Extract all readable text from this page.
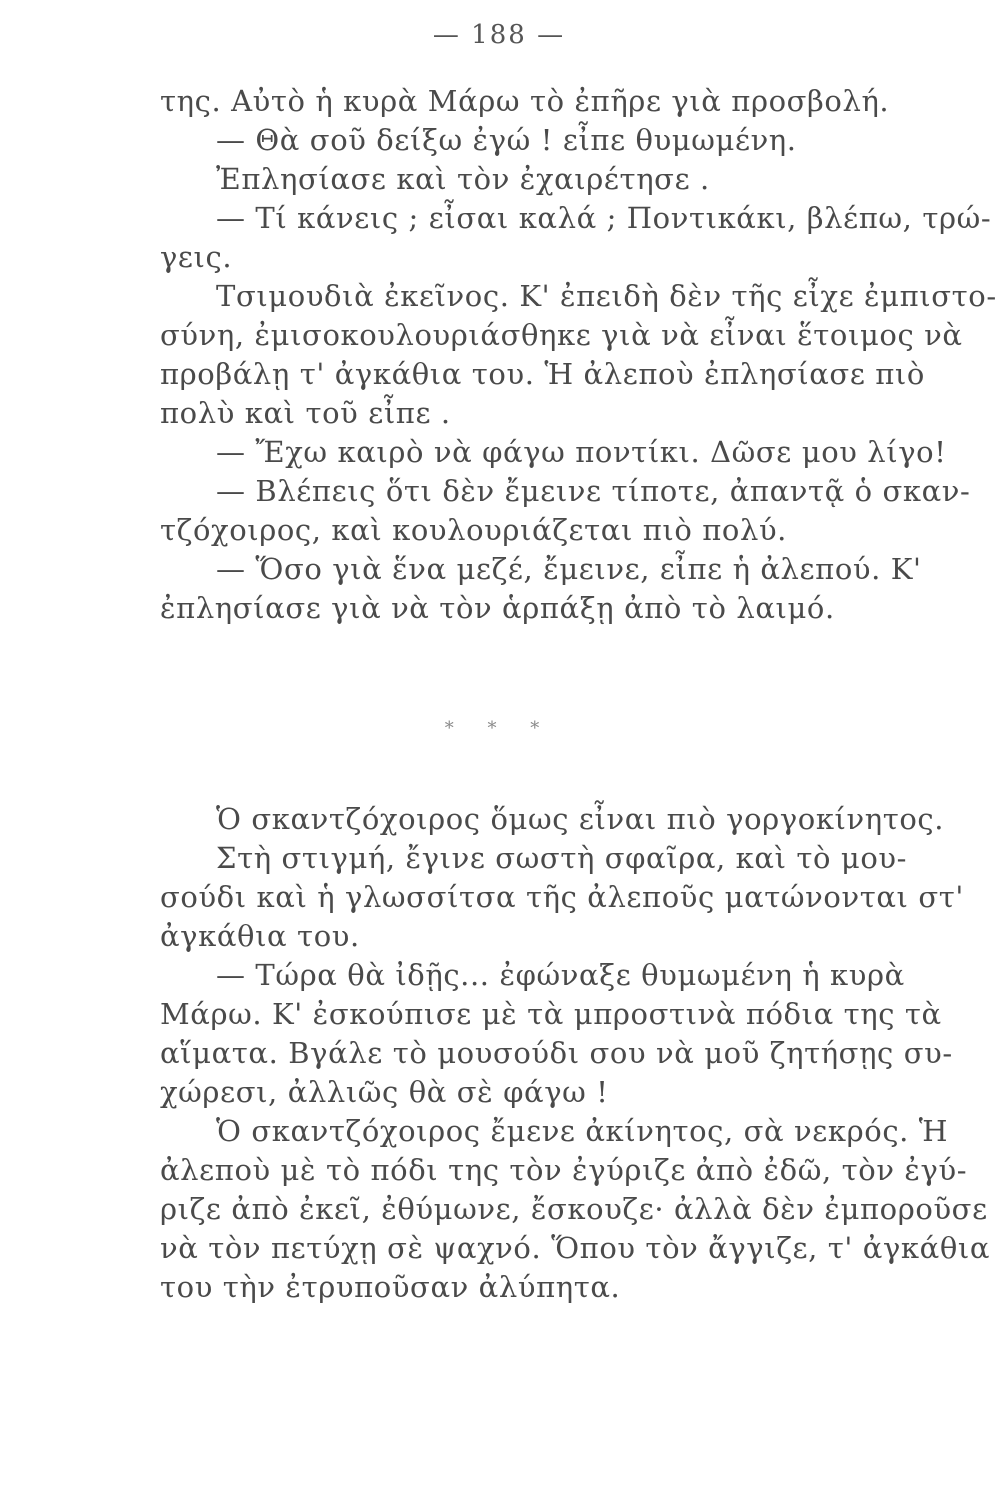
— 188 —
της. Αὐτὸ ἡ κυρὰ Μάρω τὸ ἐπῆρε γιὰ προσβολή.
— Θὰ σοῦ δείξω ἐγώ ! εἶπε θυμωμένη.
Ἐπλησίασε καὶ τὸν ἐχαιρέτησε .
— Τί κάνεις ; εἶσαι καλά ; Ποντικάκι, βλέπω, τρώ-
γεις.
Τσιμουδιὰ ἐκεῖνος. Κ' ἐπειδὴ δὲν τῆς εἶχε ἐμπιστο-
σύνη, ἐμισοκουλουριάσθηκε γιὰ νὰ εἶναι ἕτοιμος νὰ
προβάλῃ τ' ἀγκάθια του. Ἡ ἀλεποὺ ἐπλησίασε πιὸ
πολὺ καὶ τοῦ εἶπε .
— Ἔχω καιρὸ νὰ φάγω ποντίκι. Δῶσε μου λίγο!
— Βλέπεις ὅτι δὲν ἔμεινε τίποτε, ἀπαντᾷ ὁ σκαν-
τζόχοιρος, καὶ κουλουριάζεται πιὸ πολύ.
— Ὅσο γιὰ ἕνα μεζέ, ἔμεινε, εἶπε ἡ ἀλεπού. Κ'
ἐπλησίασε γιὰ νὰ τὸν ἁρπάξῃ ἀπὸ τὸ λαιμό.
* * *
Ὁ σκαντζόχοιρος ὅμως εἶναι πιὸ γοργοκίνητος.
Στὴ στιγμή, ἔγινε σωστὴ σφαῖρα, καὶ τὸ μου-
σούδι καὶ ἡ γλωσσίτσα τῆς ἀλεποῦς ματώνονται στ'
ἀγκάθια του.
— Τώρα θὰ ἰδῇς... ἐφώναξε θυμωμένη ἡ κυρὰ
Μάρω. Κ' ἐσκούπισε μὲ τὰ μπροστινὰ πόδια της τὰ
αἵματα. Βγάλε τὸ μουσούδι σου νὰ μοῦ ζητήσῃς συ-
χώρεσι, ἀλλιῶς θὰ σὲ φάγω !
Ὁ σκαντζόχοιρος ἔμενε ἀκίνητος, σὰ νεκρός. Ἡ
ἀλεποὺ μὲ τὸ πόδι της τὸν ἐγύριζε ἀπὸ ἐδῶ, τὸν ἐγύ-
ριζε ἀπὸ ἐκεῖ, ἐθύμωνε, ἔσκουζε· ἀλλὰ δὲν ἐμποροῦσε
νὰ τὸν πετύχῃ σὲ ψαχνό. Ὅπου τὸν ἄγγιζε, τ' ἀγκάθια
του τὴν ἐτρυποῦσαν ἀλύπητα.
